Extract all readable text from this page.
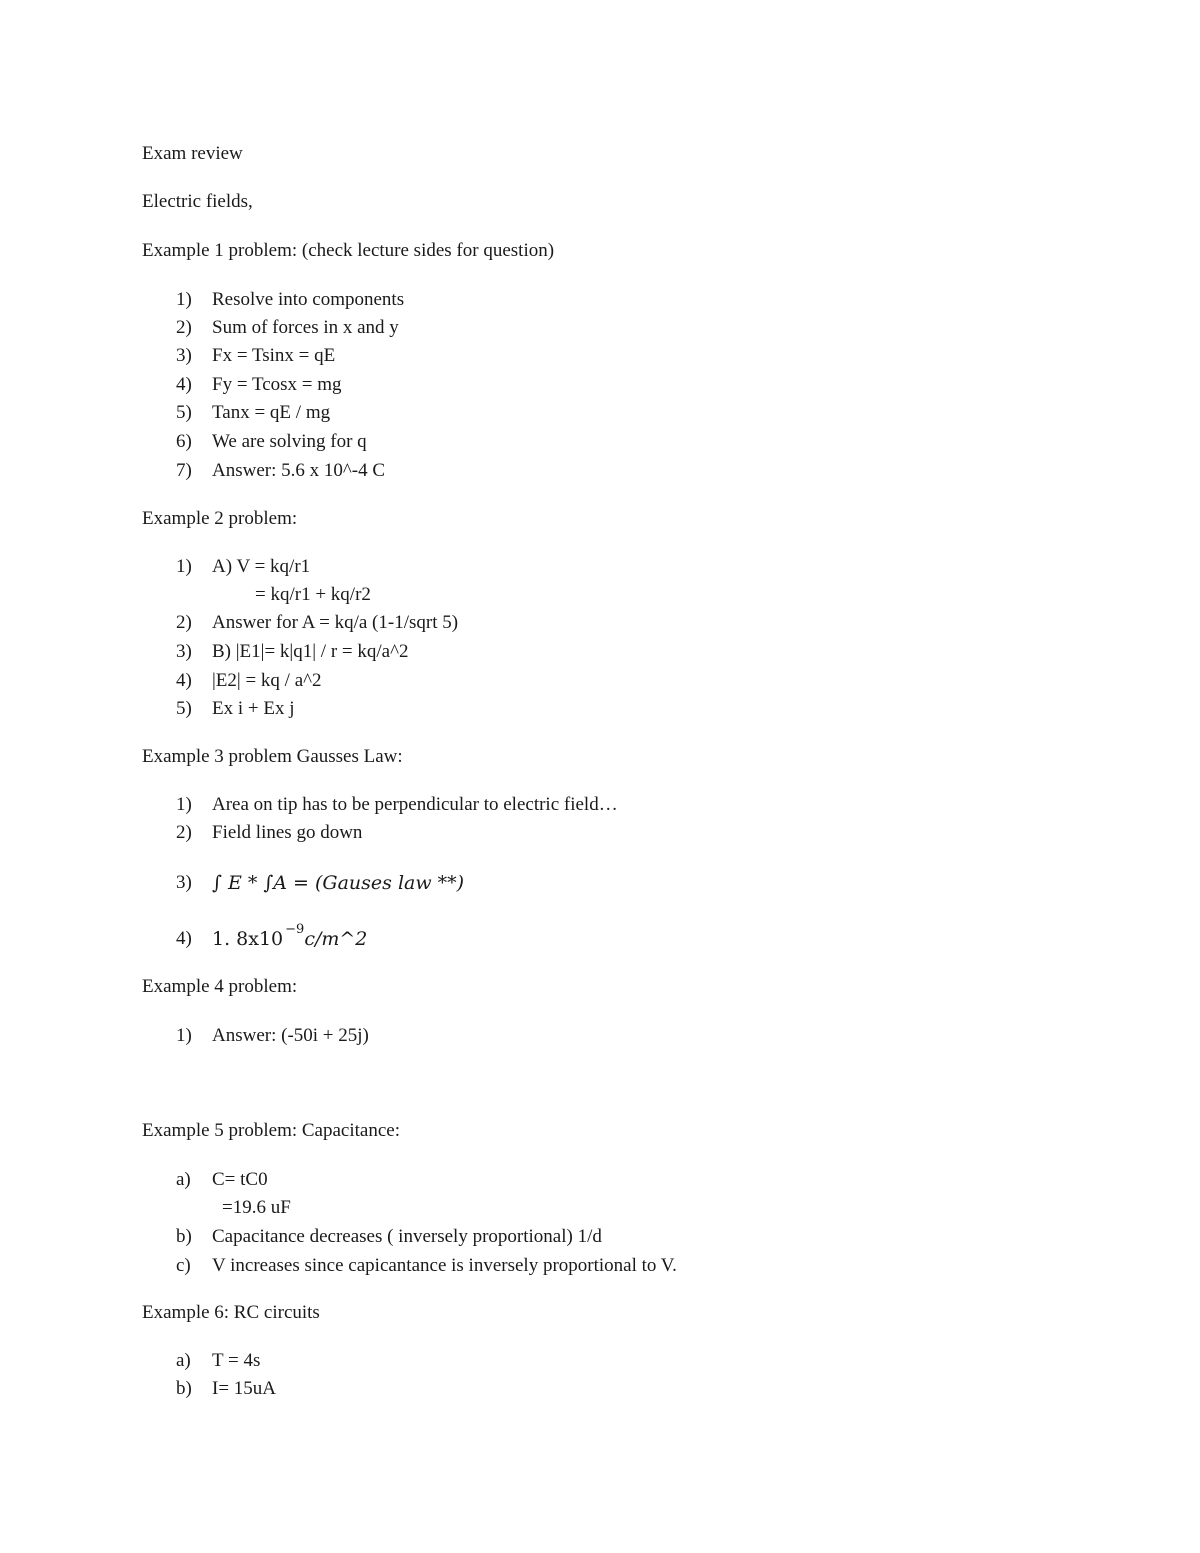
Exam review
Electric fields,
Example 1 problem: (check lecture sides for question)
1) Resolve into components
2) Sum of forces in x and y
3) Fx = Tsinx = qE
4) Fy = Tcosx = mg
5) Tanx = qE / mg
6) We are solving for q
7) Answer: 5.6 x 10^-4 C
Example 2 problem:
1) A) V = kq/r1
= kq/r1 + kq/r2
2) Answer for A = kq/a (1-1/sqrt 5)
3) B) |E1|= k|q1| / r = kq/a^2
4) |E2| = kq / a^2
5) Ex i + Ex j
Example 3 problem Gausses Law:
1) Area on tip has to be perpendicular to electric field…
2) Field lines go down
3) ∫ E * ∫A = (Gauses law **)
4) 1. 8x10 $^{-9}$c/m^2
Example 4 problem:
1) Answer: (-50i + 25j)
Example 5 problem: Capacitance:
a) C= tC0
=19.6 uF
b) Capacitance decreases ( inversely proportional) 1/d
c) V increases since capicantance is inversely proportional to V.
Example 6: RC circuits
a) T = 4s
b) I= 15uA
